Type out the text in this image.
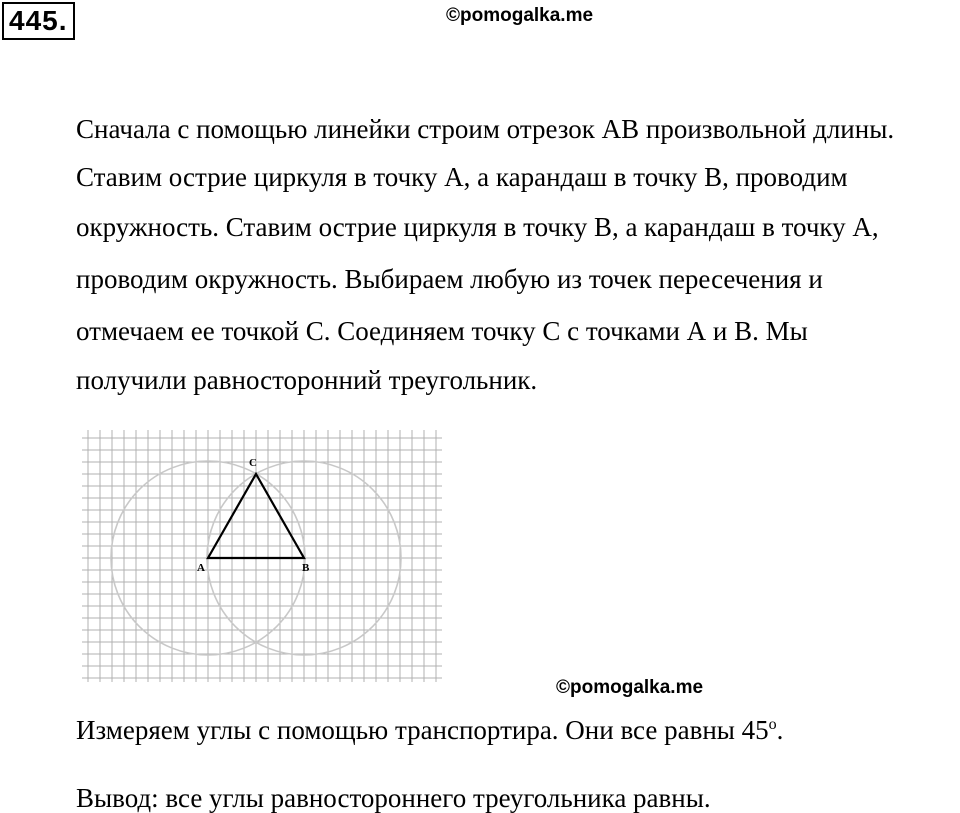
445.	©pomogalka.me
Сначала с помощью линейки строим отрезок АВ произвольной длины.
Ставим острие циркуля в точку А, а карандаш в точку В, проводим
окружность. Ставим острие циркуля в точку В, а карандаш в точку А,
проводим окружность. Выбираем любую из точек пересечения и
отмечаем ее точкой С. Соединяем точку С с точками А и В. Мы
получили равносторонний треугольник.
A	B
C
©pomogalka.me
Измеряем углы с помощью транспортира. Они все равны $45^о$.
Вывод: все углы равностороннего треугольника равны.
